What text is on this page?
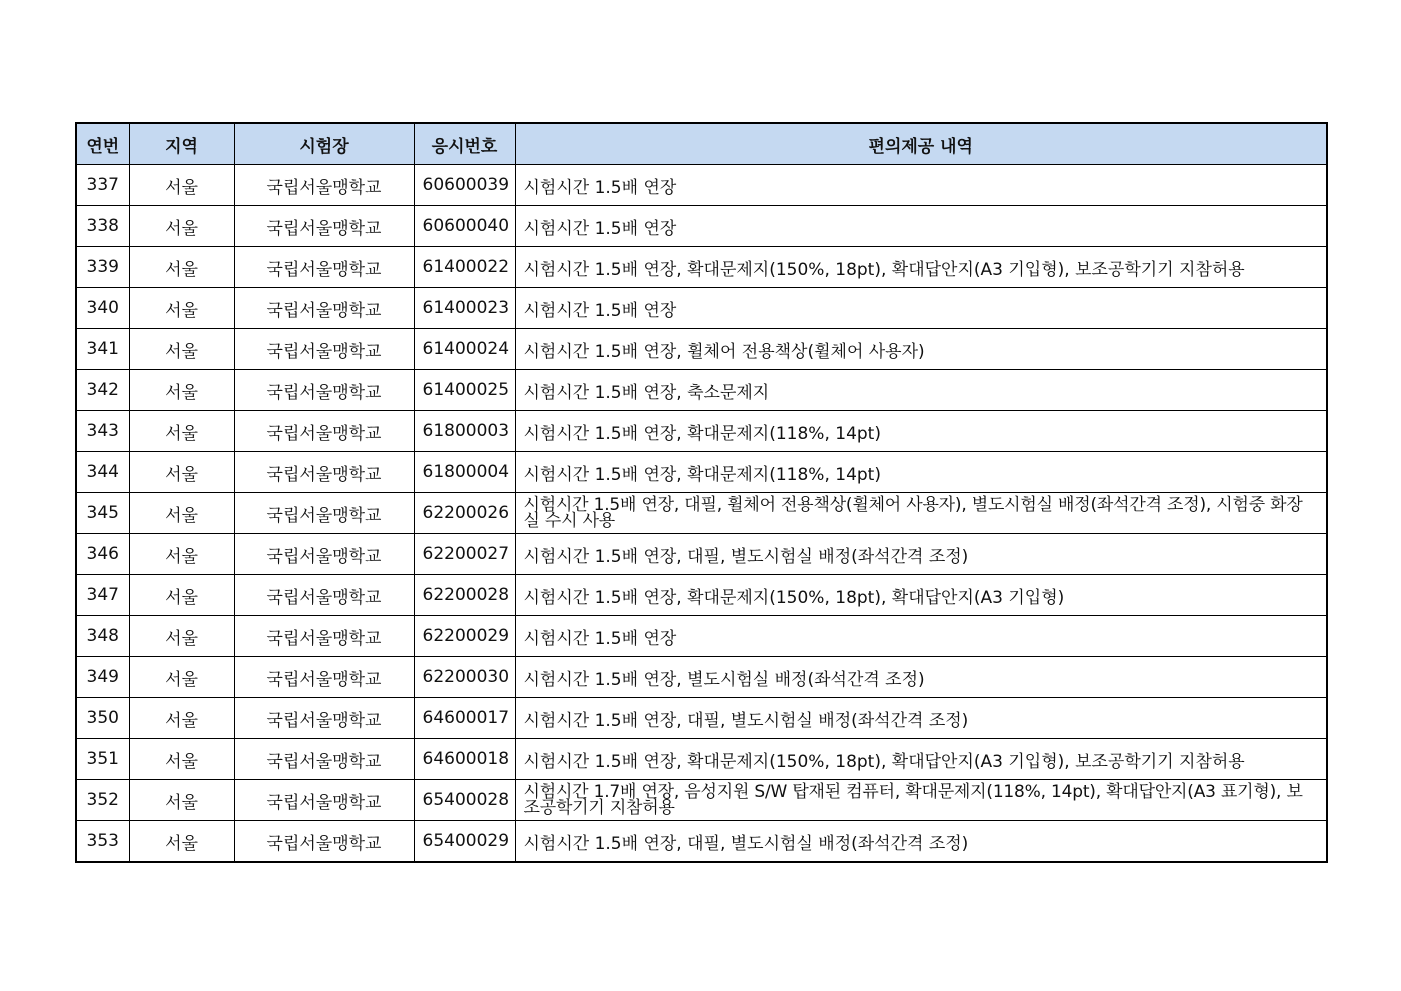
연번	지역	시험장	응시번호	편의제공 내역
337	서울	국립서울맹학교	60600039	시험시간 1.5배 연장
338	서울	국립서울맹학교	60600040	시험시간 1.5배 연장
339	서울	국립서울맹학교	61400022	시험시간 1.5배 연장, 확대문제지(150%, 18pt), 확대답안지(A3 기입형), 보조공학기기 지참허용
340	서울	국립서울맹학교	61400023	시험시간 1.5배 연장
341	서울	국립서울맹학교	61400024	시험시간 1.5배 연장, 휠체어 전용책상(휠체어 사용자)
342	서울	국립서울맹학교	61400025	시험시간 1.5배 연장, 축소문제지
343	서울	국립서울맹학교	61800003	시험시간 1.5배 연장, 확대문제지(118%, 14pt)
344	서울	국립서울맹학교	61800004	시험시간 1.5배 연장, 확대문제지(118%, 14pt)
345	서울	국립서울맹학교	62200026	시험시간 1.5배 연장, 대필, 휠체어 전용책상(휠체어 사용자), 별도시험실 배정(좌석간격 조정), 시험중 화장실 수시 사용
346	서울	국립서울맹학교	62200027	시험시간 1.5배 연장, 대필, 별도시험실 배정(좌석간격 조정)
347	서울	국립서울맹학교	62200028	시험시간 1.5배 연장, 확대문제지(150%, 18pt), 확대답안지(A3 기입형)
348	서울	국립서울맹학교	62200029	시험시간 1.5배 연장
349	서울	국립서울맹학교	62200030	시험시간 1.5배 연장, 별도시험실 배정(좌석간격 조정)
350	서울	국립서울맹학교	64600017	시험시간 1.5배 연장, 대필, 별도시험실 배정(좌석간격 조정)
351	서울	국립서울맹학교	64600018	시험시간 1.5배 연장, 확대문제지(150%, 18pt), 확대답안지(A3 기입형), 보조공학기기 지참허용
352	서울	국립서울맹학교	65400028	시험시간 1.7배 연장, 음성지원 S/W 탑재된 컴퓨터, 확대문제지(118%, 14pt), 확대답안지(A3 표기형), 보조공학기기 지참허용
353	서울	국립서울맹학교	65400029	시험시간 1.5배 연장, 대필, 별도시험실 배정(좌석간격 조정)
